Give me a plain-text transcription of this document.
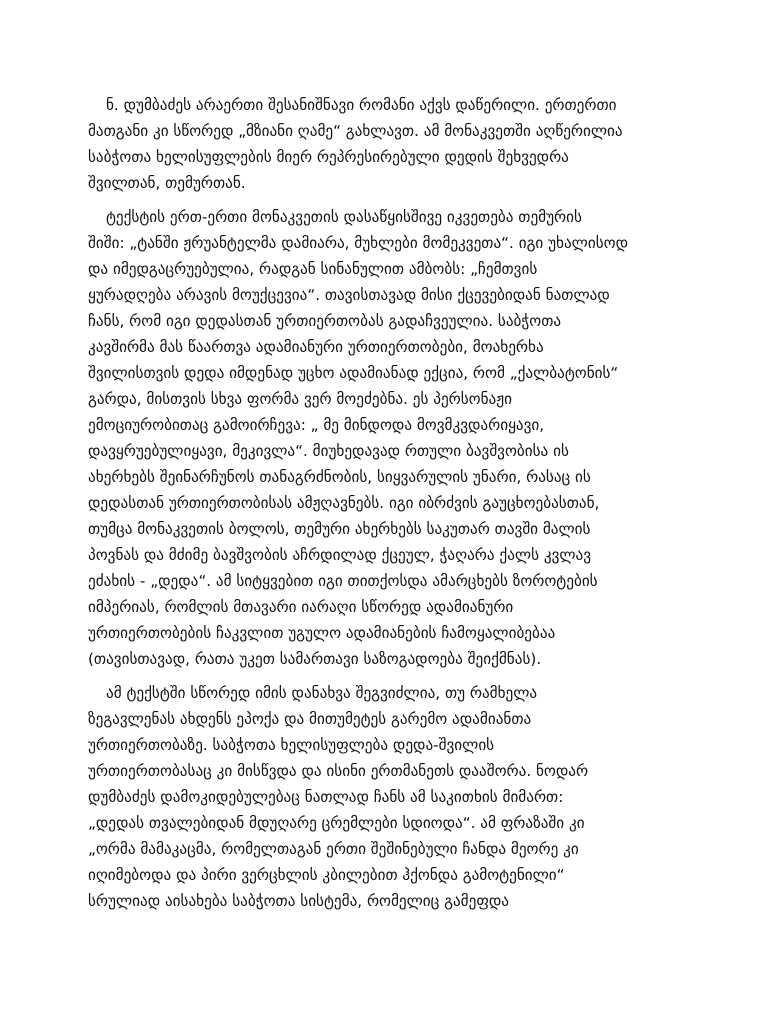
ნ. დუმბაძეს არაერთი შესანიშნავი რომანი აქვს დაწერილი. ერთერთი
მათგანი კი სწორედ „მზიანი ღამე“ გახლავთ. ამ მონაკვეთში აღწერილია
საბჭოთა ხელისუფლების მიერ რეპრესირებული დედის შეხვედრა
შვილთან, თემურთან.
ტექსტის ერთ-ერთი მონაკვეთის დასაწყისშივე იკვეთება თემურის
შიში: „ტანში ჟრუანტელმა დამიარა, მუხლები მომეკვეთა“. იგი უხალისოდ
და იმედგაცრუებულია, რადგან სინანულით ამბობს: „ჩემთვის
ყურადღება არავის მოუქცევია“. თავისთავად მისი ქცევებიდან ნათლად
ჩანს, რომ იგი დედასთან ურთიერთობას გადაჩვეულია. საბჭოთა
კავშირმა მას წაართვა ადამიანური ურთიერთობები, მოახერხა
შვილისთვის დედა იმდენად უცხო ადამიანად ექცია, რომ „ქალბატონის“
გარდა, მისთვის სხვა ფორმა ვერ მოეძებნა. ეს პერსონაჟი
ემოციურობითაც გამოირჩევა: „ მე მინდოდა მოვმკვდარიყავი,
დავყრუებულიყავი, მეკივლა“. მიუხედავად რთული ბავშვობისა ის
ახერხებს შეინარჩუნოს თანაგრძნობის, სიყვარულის უნარი, რასაც ის
დედასთან ურთიერთობისას ამჟღავნებს. იგი იბრძვის გაუცხოებასთან,
თუმცა მონაკვეთის ბოლოს, თემური ახერხებს საკუთარ თავში მალის
პოვნას და მძიმე ბავშვობის აჩრდილად ქცეულ, ჭაღარა ქალს კვლავ
ეძახის - „დედა“. ამ სიტყვებით იგი თითქოსდა ამარცხებს ზოროტების
იმპერიას, რომლის მთავარი იარაღი სწორედ ადამიანური
ურთიერთობების ჩაკვლით უგულო ადამიანების ჩამოყალიბებაა
(თავისთავად, რათა უკეთ სამართავი საზოგადოება შეიქმნას).
ამ ტექსტში სწორედ იმის დანახვა შეგვიძლია, თუ რამხელა
ზეგავლენას ახდენს ეპოქა და მითუმეტეს გარემო ადამიანთა
ურთიერთობაზე. საბჭოთა ხელისუფლება დედა-შვილის
ურთიერთობასაც კი მისწვდა და ისინი ერთმანეთს დააშორა. ნოდარ
დუმბაძეს დამოკიდებულებაც ნათლად ჩანს ამ საკითხის მიმართ:
„დედას თვალებიდან მდუღარე ცრემლები სდიოდა“. ამ ფრაზაში კი
„ორმა მამაკაცმა, რომელთაგან ერთი შეშინებული ჩანდა მეორე კი
იღიმებოდა და პირი ვერცხლის კბილებით ჰქონდა გამოტენილი“
სრულიად აისახება საბჭოთა სისტემა, რომელიც გამეფდა
